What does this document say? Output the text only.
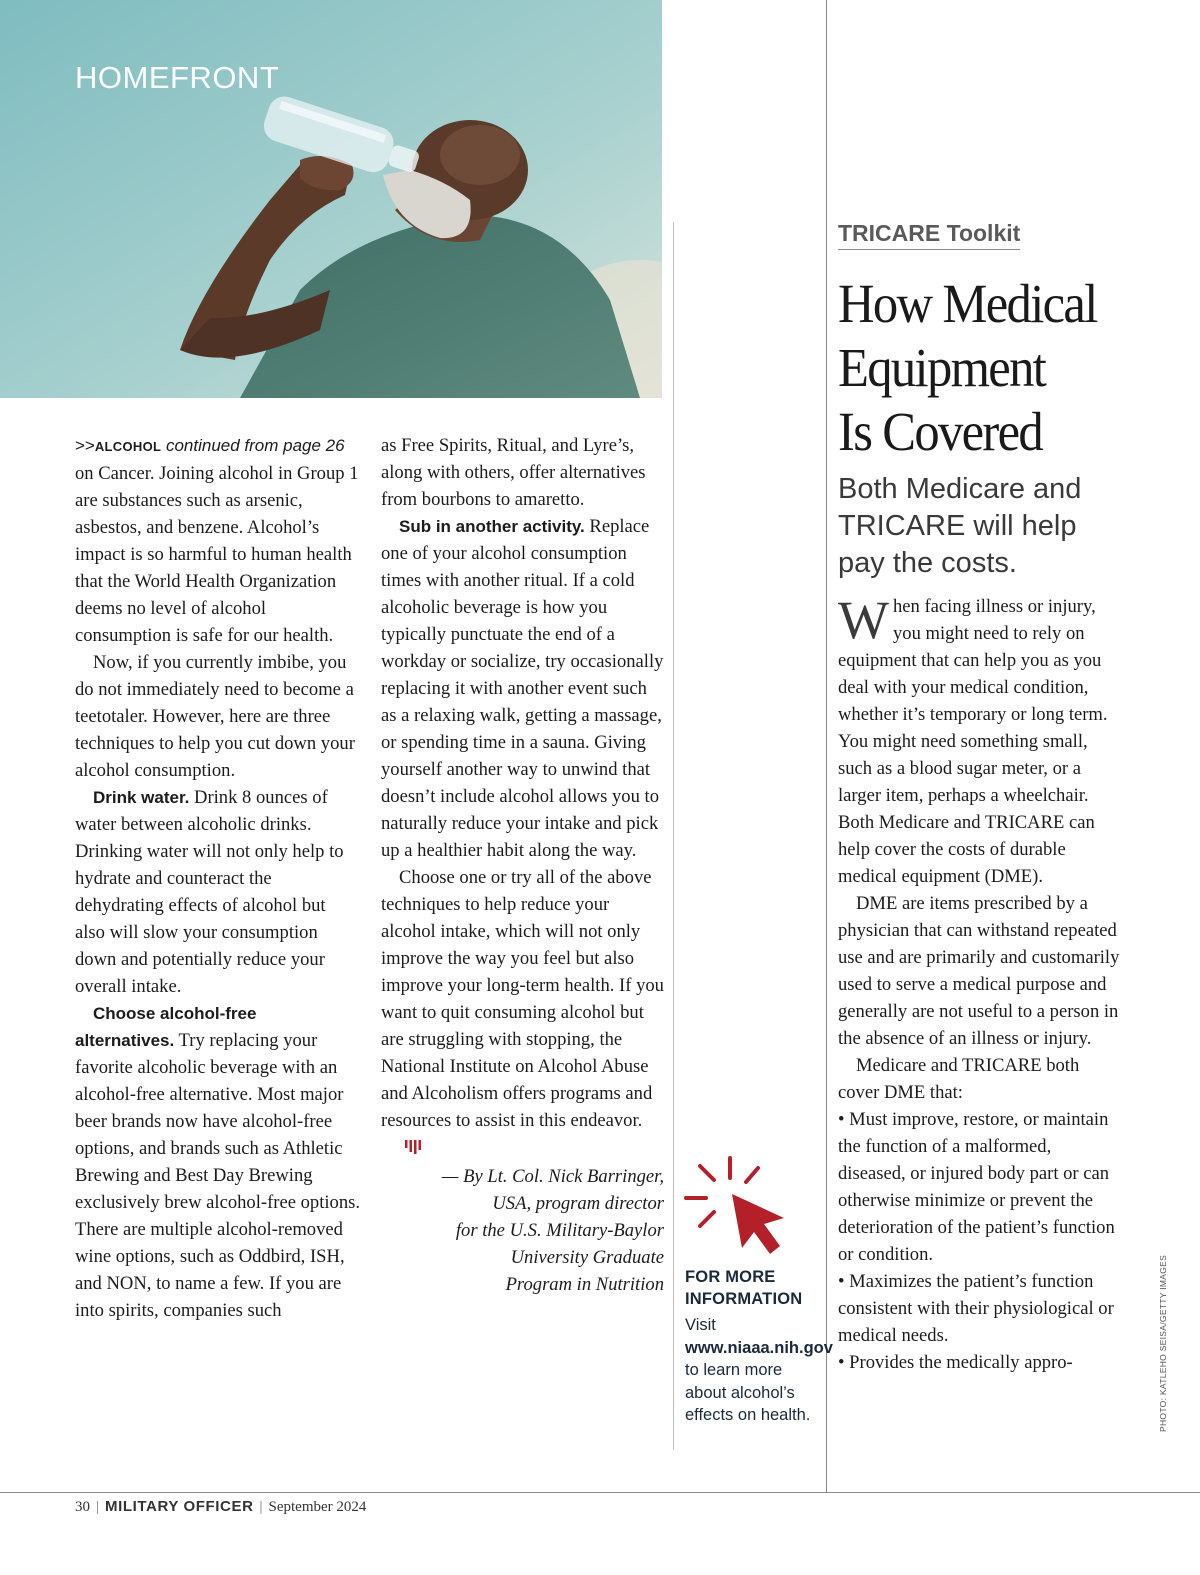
HOMEFRONT

>>ALCOHOL continued from page 26 on Cancer. Joining alcohol in Group 1 are substances such as arsenic, asbestos, and benzene. Alcohol’s impact is so harmful to human health that the World Health Organization deems no level of alcohol consumption is safe for our health.

Now, if you currently imbibe, you do not immediately need to become a teetotaler. However, here are three techniques to help you cut down your alcohol consumption.

Drink water. Drink 8 ounces of water between alcoholic drinks. Drinking water will not only help to hydrate and counteract the dehydrating effects of alcohol but also will slow your consumption down and potentially reduce your overall intake.

Choose alcohol-free alternatives. Try replacing your favorite alcoholic beverage with an alcohol-free alternative. Most major beer brands now have alcohol-free options, and brands such as Athletic Brewing and Best Day Brewing exclusively brew alcohol-free options. There are multiple alcohol-removed wine options, such as Oddbird, ISH, and NON, to name a few. If you are into spirits, companies such

as Free Spirits, Ritual, and Lyre’s, along with others, offer alternatives from bourbons to amaretto.

Sub in another activity. Replace one of your alcohol consumption times with another ritual. If a cold alcoholic beverage is how you typically punctuate the end of a workday or socialize, try occasionally replacing it with another event such as a relaxing walk, getting a massage, or spending time in a sauna. Giving yourself another way to unwind that doesn’t include alcohol allows you to naturally reduce your intake and pick up a healthier habit along the way.

Choose one or try all of the above techniques to help reduce your alcohol intake, which will not only improve the way you feel but also improve your long-term health. If you want to quit consuming alcohol but are struggling with stopping, the National Institute on Alcohol Abuse and Alcoholism offers programs and resources to assist in this endeavor.

— By Lt. Col. Nick Barringer,
USA, program director
for the U.S. Military-Baylor
University Graduate
Program in Nutrition FOR MORE
INFORMATION

Visit www.niaaa.nih.gov to learn more about alcohol’s effects on health.

TRICARE Toolkit
How Medical
Equipment
Is Covered
Both Medicare and TRICARE will help pay the costs.

When facing illness or injury, you might need to rely on equipment that can help you as you deal with your medical condition, whether it’s temporary or long term. You might need something small, such as a blood sugar meter, or a larger item, perhaps a wheelchair. Both Medicare and TRICARE can help cover the costs of durable medical equipment (DME).

DME are items prescribed by a physician that can withstand repeated use and are primarily and customarily used to serve a medical purpose and generally are not useful to a person in the absence of an illness or injury.

Medicare and TRICARE both cover DME that:

• Must improve, restore, or maintain the function of a malformed, diseased, or injured body part or can otherwise minimize or prevent the deterioration of the patient’s function or condition.

• Maximizes the patient’s function consistent with their physiological or medical needs.

• Provides the medically appro-	PHOTO: KATLEHO SEISA/GETTY IMAGES

30 | MILITARY OFFICER | September 2024
